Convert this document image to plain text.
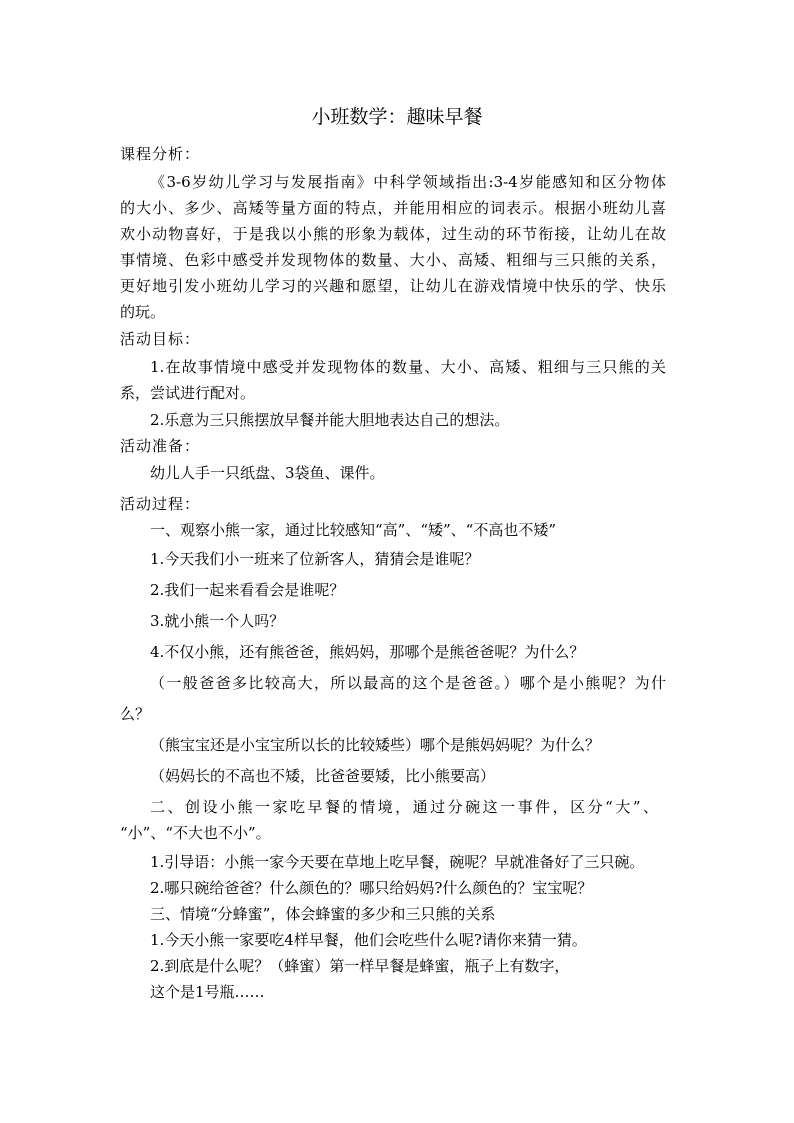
小班数学：趣味早餐
课程分析：
《3-6岁幼儿学习与发展指南》中科学领域指出:3-4岁能感知和区分物体
的大小、多少、高矮等量方面的特点，并能用相应的词表示。根据小班幼儿喜
欢小动物喜好，于是我以小熊的形象为载体，过生动的环节衔接，让幼儿在故
事情境、色彩中感受并发现物体的数量、大小、高矮、粗细与三只熊的关系，
更好地引发小班幼儿学习的兴趣和愿望，让幼儿在游戏情境中快乐的学、快乐
的玩。
活动目标：
1.在故事情境中感受并发现物体的数量、大小、高矮、粗细与三只熊的关
系，尝试进行配对。
2.乐意为三只熊摆放早餐并能大胆地表达自己的想法。
活动准备：
幼儿人手一只纸盘、3袋鱼、课件。
活动过程：
一、观察小熊一家，通过比较感知“高”、“矮”、“不高也不矮”
1.今天我们小一班来了位新客人，猜猜会是谁呢？
2.我们一起来看看会是谁呢？
3.就小熊一个人吗？
4.不仅小熊，还有熊爸爸，熊妈妈，那哪个是熊爸爸呢？为什么？
（一般爸爸多比较高大，所以最高的这个是爸爸。）哪个是小熊呢？为什
么？
（熊宝宝还是小宝宝所以长的比较矮些）哪个是熊妈妈呢？为什么？
（妈妈长的不高也不矮，比爸爸要矮，比小熊要高）
二、创设小熊一家吃早餐的情境，通过分碗这一事件，区分“大”、
“小”、“不大也不小”。
1.引导语：小熊一家今天要在草地上吃早餐，碗呢？早就准备好了三只碗。
2.哪只碗给爸爸？什么颜色的？哪只给妈妈?什么颜色的？宝宝呢？
三、情境“分蜂蜜”，体会蜂蜜的多少和三只熊的关系
1.今天小熊一家要吃4样早餐，他们会吃些什么呢?请你来猜一猜。
2.到底是什么呢？（蜂蜜）第一样早餐是蜂蜜，瓶子上有数字，
这个是1号瓶……
